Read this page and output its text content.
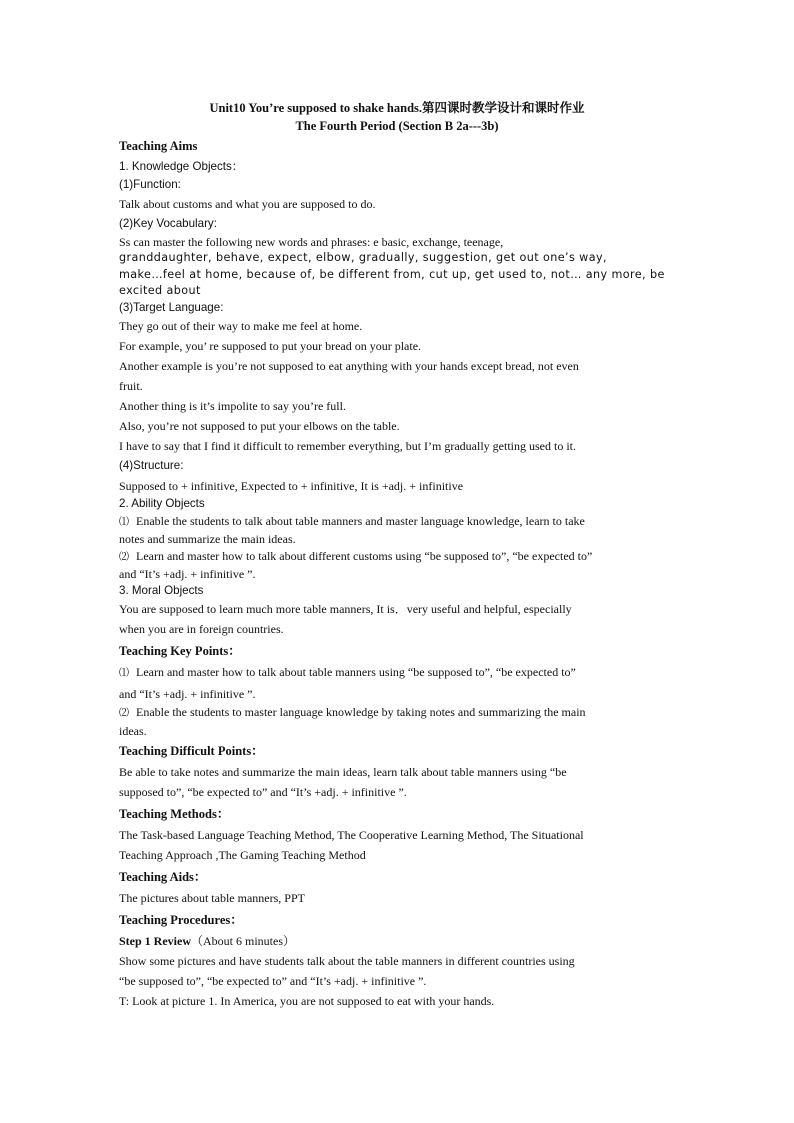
Unit10 You’re supposed to shake hands.第四课时教学设计和课时作业
The Fourth Period (Section B 2a---3b)
Teaching Aims

1. Knowledge Objects：

(1)Function:

Talk about customs and what you are supposed to do.

(2)Key Vocabulary:

Ss can master the following new words and phrases: e basic, exchange, teenage,

granddaughter, behave, expect, elbow, gradually, suggestion, get out one’s way,

make…feel at home, because of, be different from, cut up, get used to, not… any more, be

excited about

(3)Target Language:

They go out of their way to make me feel at home.

For example, you’ re supposed to put your bread on your plate.

Another example is you’re not supposed to eat anything with your hands except bread, not even

fruit.

Another thing is it’s impolite to say you’re full.

Also, you’re not supposed to put your elbows on the table.

I have to say that I find it difficult to remember everything, but I’m gradually getting used to it.

(4)Structure:

Supposed to + infinitive, Expected to + infinitive, It is +adj. + infinitive

2. Ability Objects

⑴ Enable the students to talk about table manners and master language knowledge, learn to take

notes and summarize the main ideas.

⑵ Learn and master how to talk about different customs using “be supposed to”, “be expected to”

and “It’s +adj. + infinitive ”.

3. Moral Objects

You are supposed to learn much more table manners, It is．very useful and helpful, especially

when you are in foreign countries.

Teaching Key Points：

⑴ Learn and master how to talk about table manners using “be supposed to”, “be expected to”

and “It’s +adj. + infinitive ”.

⑵ Enable the students to master language knowledge by taking notes and summarizing the main

ideas.

Teaching Difficult Points：

Be able to take notes and summarize the main ideas, learn talk about table manners using “be

supposed to”, “be expected to” and “It’s +adj. + infinitive ”.

Teaching Methods：

The Task-based Language Teaching Method, The Cooperative Learning Method, The Situational

Teaching Approach ,The Gaming Teaching Method

Teaching Aids：

The pictures about table manners, PPT

Teaching Procedures：

Step 1 Review（About 6 minutes）

Show some pictures and have students talk about the table manners in different countries using

“be supposed to”, “be expected to” and “It’s +adj. + infinitive ”.

T: Look at picture 1. In America, you are not supposed to eat with your hands.
